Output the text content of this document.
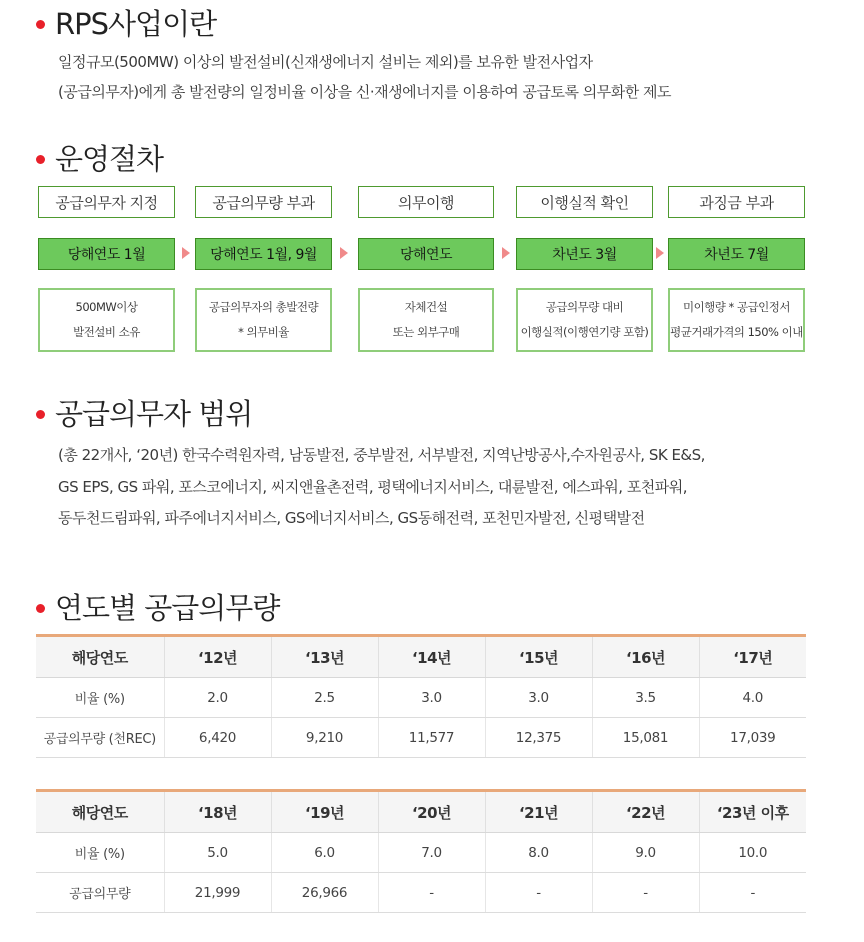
RPS사업이란
일정규모(500MW) 이상의 발전설비(신재생에너지 설비는 제외)를 보유한 발전사업자
(공급의무자)에게 총 발전량의 일정비율 이상을 신·재생에너지를 이용하여 공급토록 의무화한 제도
운영절차
공급의무자 지정	공급의무량 부과	의무이행	이행실적 확인	과징금 부과
당해연도 1월	당해연도 1월, 9월	당해연도	차년도 3월	차년도 7월
500MW이상
발전설비 소유
공급의무자의 총발전량
* 의무비율
자체건설
또는 외부구매
공급의무량 대비
이행실적(이행연기량 포함)
미이행량 * 공급인정서
평균거래가격의 150% 이내
공급의무자 범위
(총 22개사, ‘20년) 한국수력원자력, 남동발전, 중부발전, 서부발전, 지역난방공사,수자원공사, SK E&S,
GS EPS, GS 파워, 포스코에너지, 씨지앤율촌전력, 평택에너지서비스, 대륜발전, 에스파워, 포천파워,
동두천드림파워, 파주에너지서비스, GS에너지서비스, GS동해전력, 포천민자발전, 신평택발전
연도별 공급의무량
해당연도	‘12년	‘13년	‘14년	‘15년	‘16년	‘17년
비율 (%)	2.0	2.5	3.0	3.0	3.5	4.0
공급의무량 (천REC)	6,420	9,210	11,577	12,375	15,081	17,039
해당연도	‘18년	‘19년	‘20년	‘21년	‘22년	‘23년 이후
비율 (%)	5.0	6.0	7.0	8.0	9.0	10.0
공급의무량	21,999	26,966	-	-	-	-
